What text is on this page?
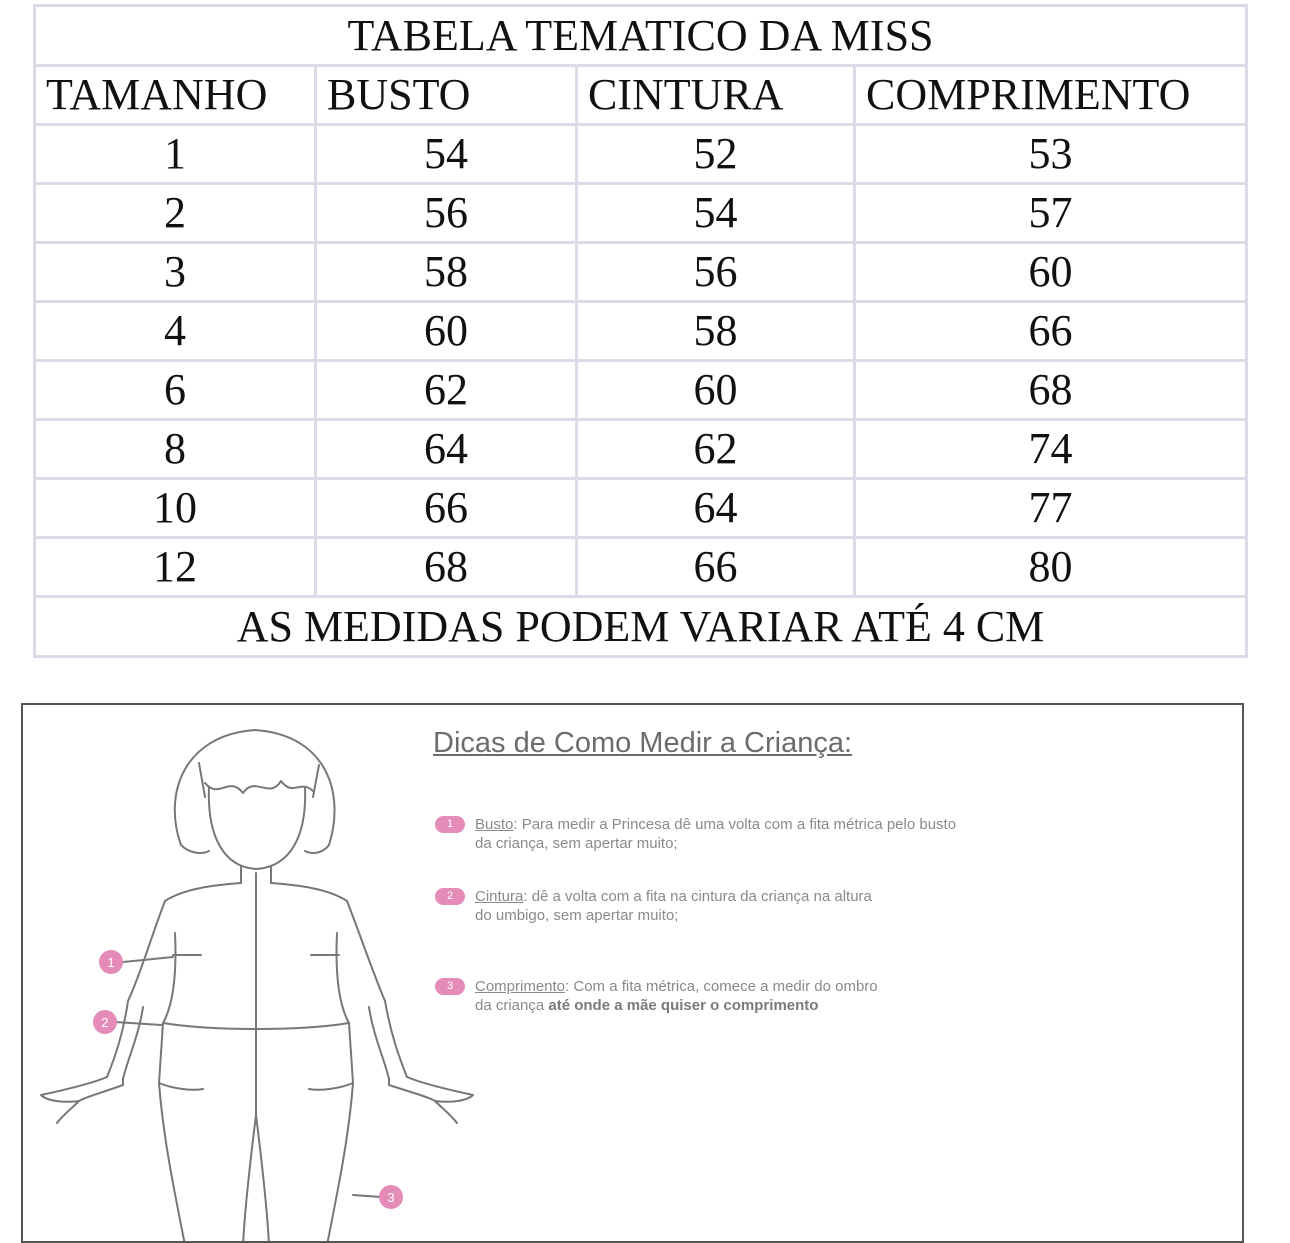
TABELA TEMATICO DA MISS			
TAMANHO	BUSTO	CINTURA	COMPRIMENTO
1	54	52	53
2	56	54	57
3	58	56	60
4	60	58	66
6	62	60	68
8	64	62	74
10	66	64	77
12	68	66	80
AS MEDIDAS PODEM VARIAR ATÉ 4 CM			
1
2
3
Dicas de Como Medir a Criança:
1	Busto: Para medir a Princesa dê uma volta com a fita métrica pelo busto
da criança, sem apertar muito;
2	Cintura: dê a volta com a fita na cintura da criança na altura
do umbigo, sem apertar muito;
3	Comprimento: Com a fita métrica, comece a medir do ombro
da criança até onde a mãe quiser o comprimento
